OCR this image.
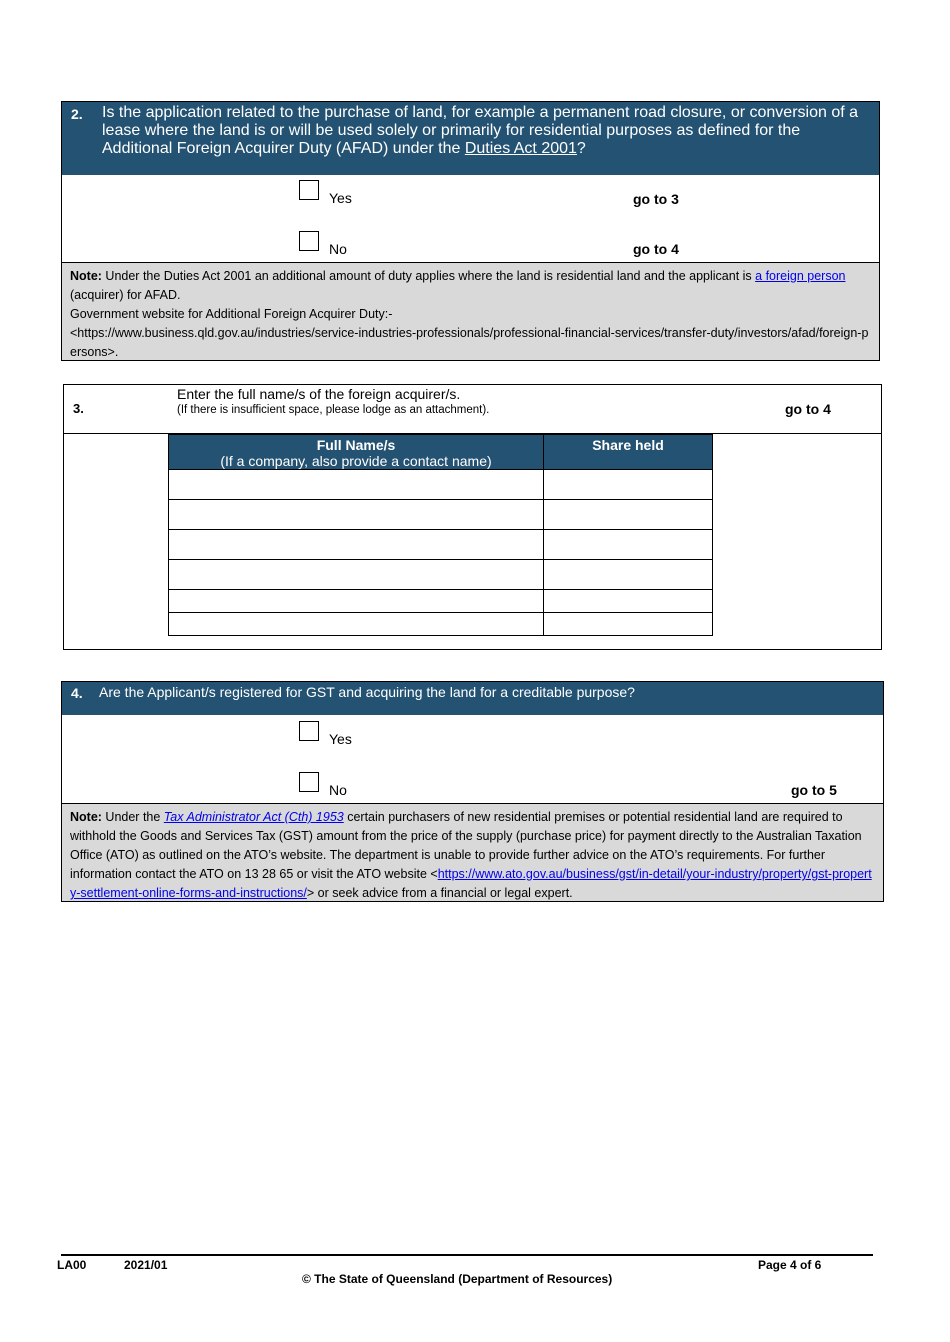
2. Is the application related to the purchase of land, for example a permanent road closure, or conversion of a lease where the land is or will be used solely or primarily for residential purposes as defined for the Additional Foreign Acquirer Duty (AFAD) under the Duties Act 2001?
Yes	go to 3
No	go to 4
Note: Under the Duties Act 2001 an additional amount of duty applies where the land is residential land and the applicant is a foreign person (acquirer) for AFAD.
Government website for Additional Foreign Acquirer Duty:-
<https://www.business.qld.gov.au/industries/service-industries-professionals/professional-financial-services/transfer-duty/investors/afad/foreign-persons>.
3.
Enter the full name/s of the foreign acquirer/s.
(If there is insufficient space, please lodge as an attachment).	go to 4
Full Name/s
(If a company, also provide a contact name)	Share held

4. Are the Applicant/s registered for GST and acquiring the land for a creditable purpose?
Yes
No	go to 5
Note: Under the Tax Administrator Act (Cth) 1953 certain purchasers of new residential premises or potential residential land are required to withhold the Goods and Services Tax (GST) amount from the price of the supply (purchase price) for payment directly to the Australian Taxation Office (ATO) as outlined on the ATO’s website. The department is unable to provide further advice on the ATO’s requirements. For further information contact the ATO on 13 28 65 or visit the ATO website <https://www.ato.gov.au/business/gst/in-detail/your-industry/property/gst-property-settlement-online-forms-and-instructions/> or seek advice from a financial or legal expert.
LA00	2021/01	Page 4 of 6
© The State of Queensland (Department of Resources)
